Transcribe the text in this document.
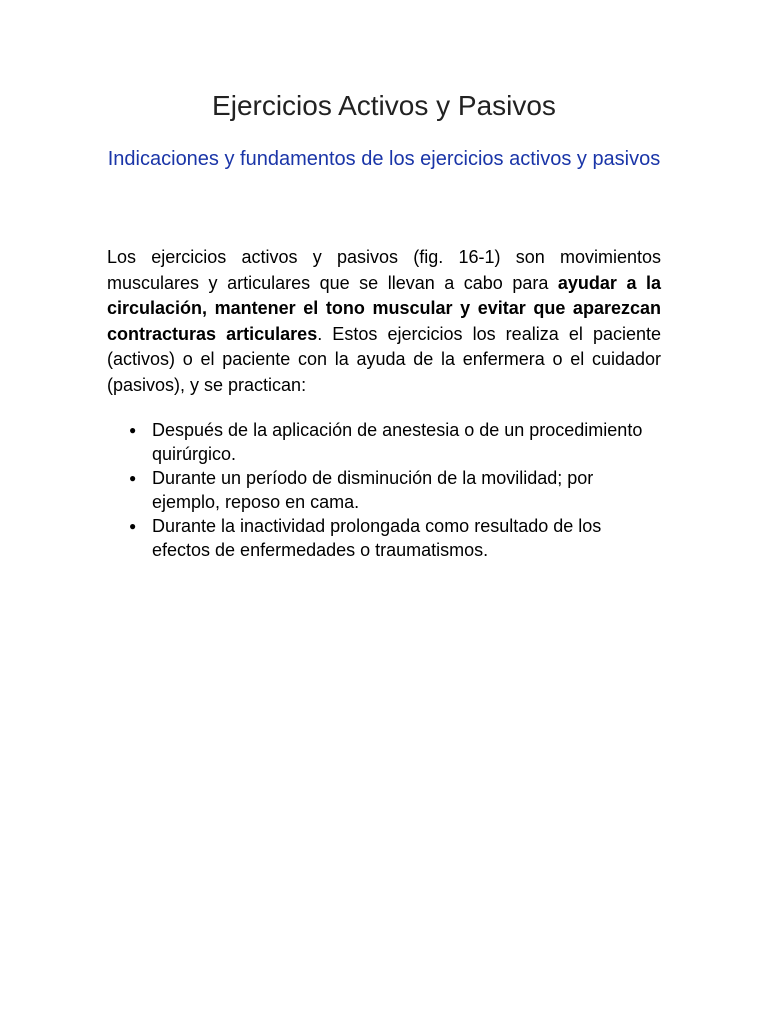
Ejercicios Activos y Pasivos
Indicaciones y fundamentos de los ejercicios activos y pasivos

Los ejercicios activos y pasivos (fig. 16-1) son movimientos musculares y articulares que se llevan a cabo para ayudar a la circulación, mantener el tono muscular y evitar que aparezcan contracturas articulares. Estos ejercicios los realiza el paciente (activos) o el paciente con la ayuda de la enfermera o el cuidador (pasivos), y se practican:

● Después de la aplicación de anestesia o de un procedimiento quirúrgico.
● Durante un período de disminución de la movilidad; por ejemplo, reposo en cama.
● Durante la inactividad prolongada como resultado de los efectos de enfermedades o traumatismos.
